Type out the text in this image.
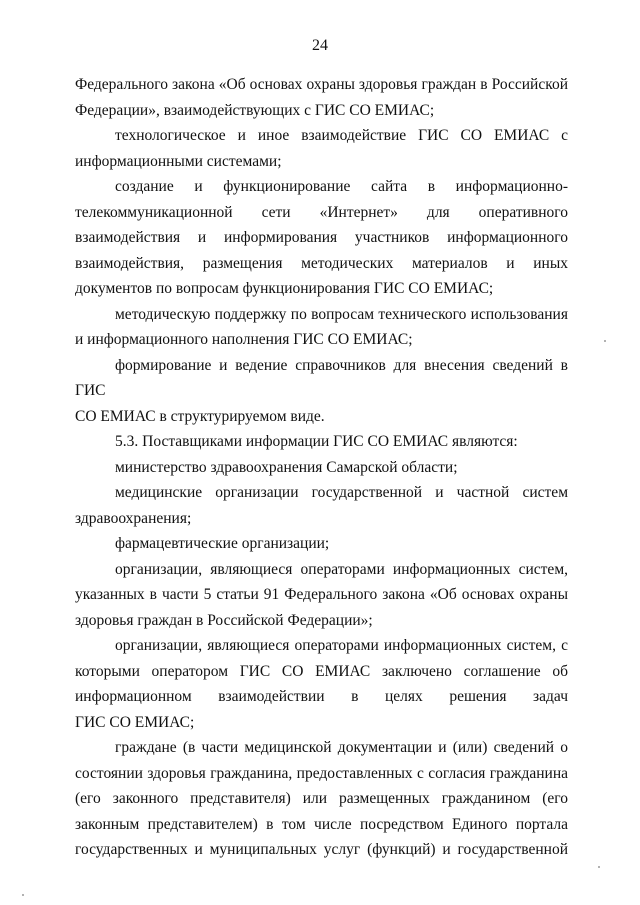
24
Федерального закона «Об основах охраны здоровья граждан в Российской
Федерации», взаимодействующих с ГИС СО ЕМИАС;
технологическое и иное взаимодействие ГИС СО ЕМИАС с
информационными системами;
создание и функционирование сайта в информационно-
телекоммуникационной сети «Интернет» для оперативного
взаимодействия и информирования участников информационного
взаимодействия, размещения методических материалов и иных
документов по вопросам функционирования ГИС СО ЕМИАС;
методическую поддержку по вопросам технического использования
и информационного наполнения ГИС СО ЕМИАС;
формирование и ведение справочников для внесения сведений в ГИС
СО ЕМИАС в структурируемом виде.
5.3. Поставщиками информации ГИС СО ЕМИАС являются:
министерство здравоохранения Самарской области;
медицинские организации государственной и частной систем
здравоохранения;
фармацевтические организации;
организации, являющиеся операторами информационных систем,
указанных в части 5 статьи 91 Федерального закона «Об основах охраны
здоровья граждан в Российской Федерации»;
организации, являющиеся операторами информационных систем, с
которыми оператором ГИС СО ЕМИАС заключено соглашение об
информационном взаимодействии в целях решения задач
ГИС СО ЕМИАС;
граждане (в части медицинской документации и (или) сведений о
состоянии здоровья гражданина, предоставленных с согласия гражданина
(его законного представителя) или размещенных гражданином (его
законным представителем) в том числе посредством Единого портала
государственных и муниципальных услуг (функций) и государственной
